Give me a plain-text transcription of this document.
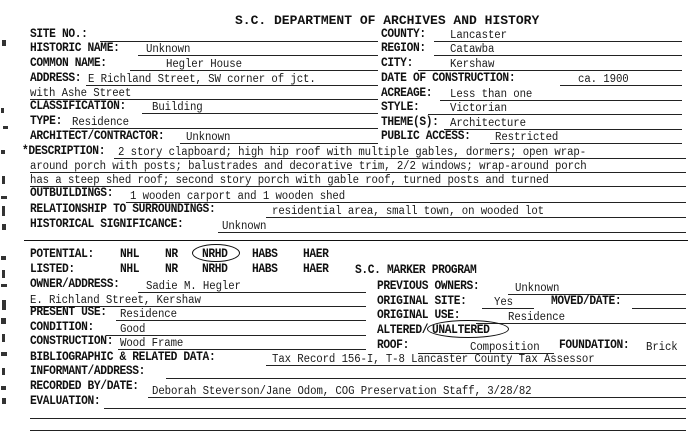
S.C. DEPARTMENT OF ARCHIVES AND HISTORY
SITE NO.:
HISTORIC NAME: Unknown
COMMON NAME:	Hegler House
ADDRESS: E Richland Street, SW corner of jct.
with Ashe Street
CLASSIFICATION: Building
TYPE: Residence
ARCHITECT/CONTRACTOR: Unknown
COUNTY: Lancaster
REGION: Catawba
CITY:	Kershaw
DATE OF CONSTRUCTION:	ca. 1900
ACREAGE: Less than one
STYLE:	Victorian
THEME(S): Architecture
PUBLIC ACCESS: Restricted
*DESCRIPTION: 2 story clapboard; high hip roof with multiple gables, dormers; open wrap-
around porch with posts; balustrades and decorative trim, 2/2 windows; wrap-around porch
has a steep shed roof; second story porch with gable roof, turned posts and turned
OUTBUILDINGS: 1 wooden carport and 1 wooden shed
RELATIONSHIP TO SURROUNDINGS:	residential area, small town, on wooded lot
HISTORICAL SIGNIFICANCE:	Unknown
POTENTIAL: NHL NR NRHD HABS HAER
LISTED:	NHL NR NRHD HABS HAER S.C. MARKER PROGRAM
OWNER/ADDRESS: Sadie M. Hegler
E. Richland Street, Kershaw
PRESENT USE: Residence
CONDITION: Good
CONSTRUCTION: Wood Frame
PREVIOUS OWNERS:	Unknown
ORIGINAL SITE: Yes	MOVED/DATE:
ORIGINAL USE:	Residence
ALTERED/ UNALTERED
ROOF:	Composition FOUNDATION: Brick
BIBLIOGRAPHIC & RELATED DATA:	Tax Record 156-I, T-8 Lancaster County Tax Assessor
INFORMANT/ADDRESS:
RECORDED BY/DATE: Deborah Steverson/Jane Odom, COG Preservation Staff, 3/28/82
EVALUATION:
